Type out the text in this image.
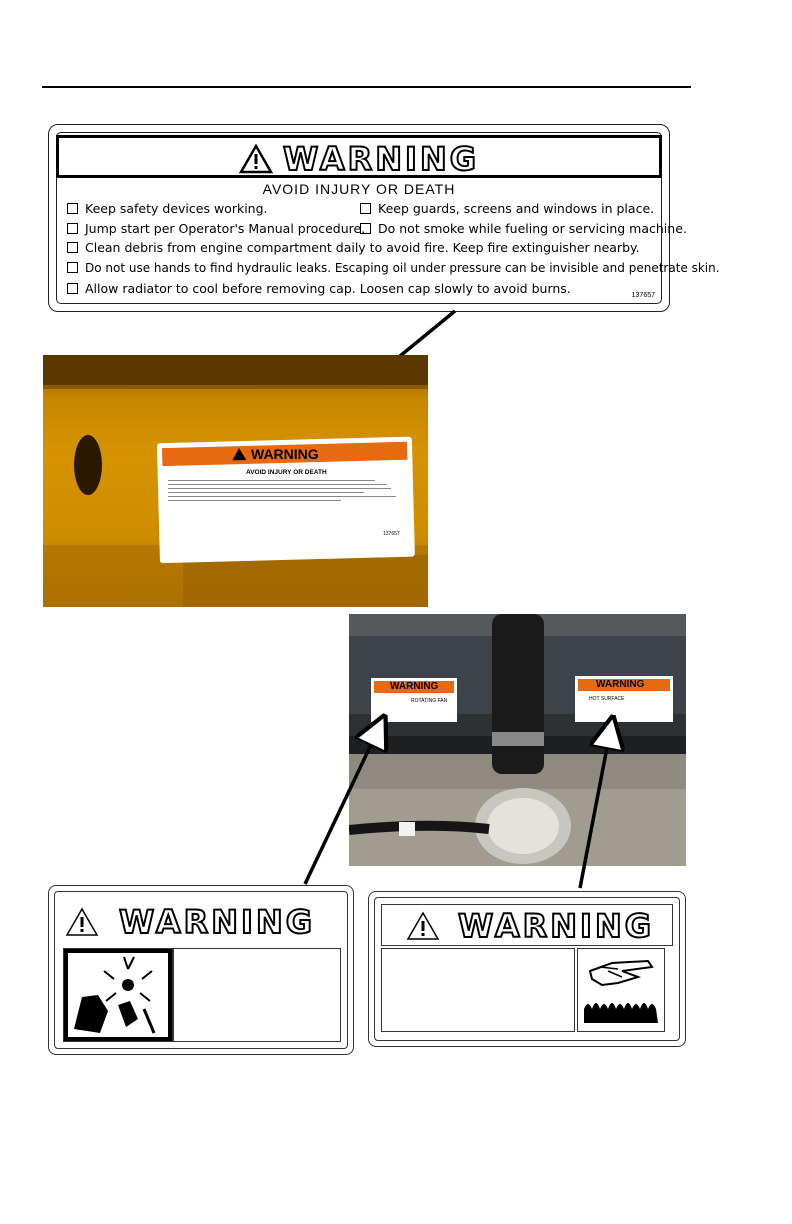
WARNING
AVOID INJURY OR DEATH
Keep safety devices working.
Jump start per Operator's Manual procedure.
Keep guards, screens and windows in place.
Do not smoke while fueling or servicing machine.
Clean debris from engine compartment daily to avoid fire. Keep fire extinguisher nearby.
Do not use hands to find hydraulic leaks. Escaping oil under pressure can be invisible and penetrate skin.
Allow radiator to cool before removing cap. Loosen cap slowly to avoid burns.	137657
WARNING
AVOID INJURY OR DEATH
137657
WARNING
ROTATING FAN
WARNING
HOT SURFACE
WARNING	WARNING
